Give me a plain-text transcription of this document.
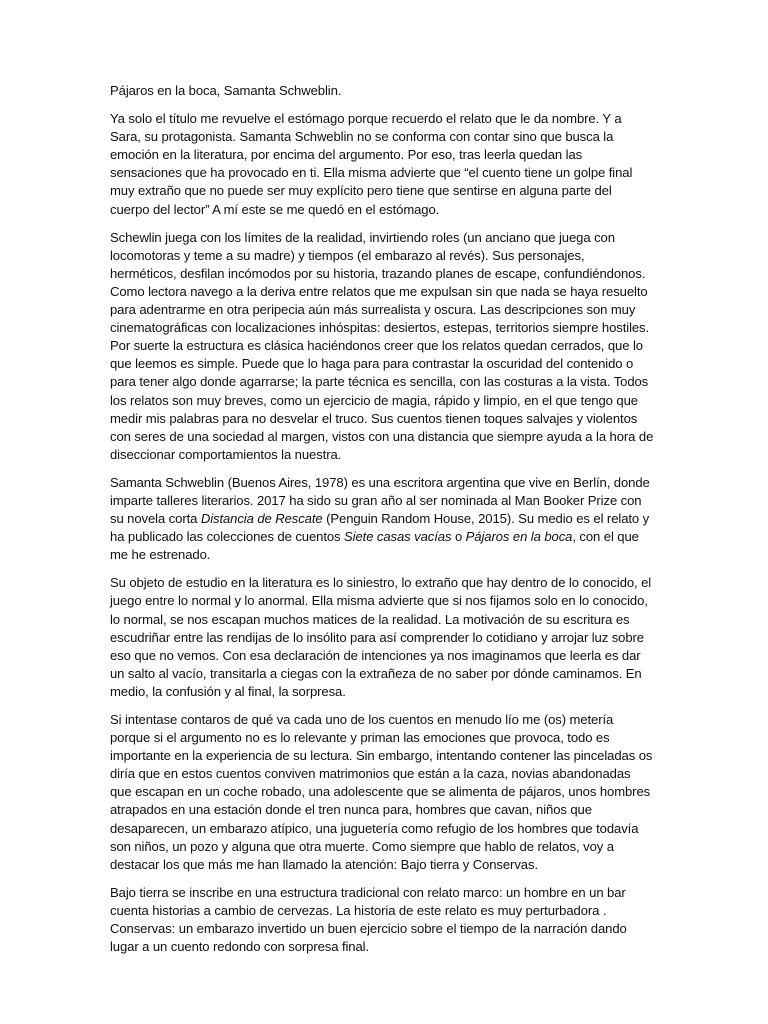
Pájaros en la boca, Samanta Schweblin.

Ya solo el título me revuelve el estómago porque recuerdo el relato que le da nombre. Y a Sara, su protagonista. Samanta Schweblin no se conforma con contar sino que busca la emoción en la literatura, por encima del argumento. Por eso, tras leerla quedan las sensaciones que ha provocado en ti. Ella misma advierte que “el cuento tiene un golpe final muy extraño que no puede ser muy explícito pero tiene que sentirse en alguna parte del cuerpo del lector” A mí este se me quedó en el estómago.

Schewlin juega con los límites de la realidad, invirtiendo roles (un anciano que juega con locomotoras y teme a su madre) y tiempos (el embarazo al revés). Sus personajes, herméticos, desfilan incómodos por su historia, trazando planes de escape, confundiéndonos. Como lectora navego a la deriva entre relatos que me expulsan sin que nada se haya resuelto para adentrarme en otra peripecia aún más surrealista y oscura. Las descripciones son muy cinematográficas con localizaciones inhóspitas: desiertos, estepas, territorios siempre hostiles. Por suerte la estructura es clásica haciéndonos creer que los relatos quedan cerrados, que lo que leemos es simple. Puede que lo haga para para contrastar la oscuridad del contenido o para tener algo donde agarrarse; la parte técnica es sencilla, con las costuras a la vista. Todos los relatos son muy breves, como un ejercicio de magia, rápido y limpio, en el que tengo que medir mis palabras para no desvelar el truco. Sus cuentos tienen toques salvajes y violentos con seres de una sociedad al margen, vistos con una distancia que siempre ayuda a la hora de diseccionar comportamientos la nuestra.

Samanta Schweblin (Buenos Aires, 1978) es una escritora argentina que vive en Berlín, donde imparte talleres literarios. 2017 ha sido su gran año al ser nominada al Man Booker Prize con su novela corta Distancia de Rescate (Penguin Random House, 2015). Su medio es el relato y ha publicado las colecciones de cuentos Siete casas vacías o Pájaros en la boca, con el que me he estrenado.

Su objeto de estudio en la literatura es lo siniestro, lo extraño que hay dentro de lo conocido, el juego entre lo normal y lo anormal. Ella misma advierte que si nos fijamos solo en lo conocido, lo normal, se nos escapan muchos matices de la realidad. La motivación de su escritura es escudriñar entre las rendijas de lo insólito para así comprender lo cotidiano y arrojar luz sobre eso que no vemos. Con esa declaración de intenciones ya nos imaginamos que leerla es dar un salto al vacío, transitarla a ciegas con la extrañeza de no saber por dónde caminamos. En medio, la confusión y al final, la sorpresa.

Si intentase contaros de qué va cada uno de los cuentos en menudo lío me (os) metería porque si el argumento no es lo relevante y priman las emociones que provoca, todo es importante en la experiencia de su lectura. Sin embargo, intentando contener las pinceladas os diría que en estos cuentos conviven matrimonios que están a la caza, novias abandonadas que escapan en un coche robado, una adolescente que se alimenta de pájaros, unos hombres atrapados en una estación donde el tren nunca para, hombres que cavan, niños que desaparecen, un embarazo atípico, una juguetería como refugio de los hombres que todavía son niños, un pozo y alguna que otra muerte. Como siempre que hablo de relatos, voy a destacar los que más me han llamado la atención: Bajo tierra y Conservas.

Bajo tierra se inscribe en una estructura tradicional con relato marco: un hombre en un bar cuenta historias a cambio de cervezas. La historia de este relato es muy perturbadora . Conservas: un embarazo invertido un buen ejercicio sobre el tiempo de la narración dando lugar a un cuento redondo con sorpresa final.
